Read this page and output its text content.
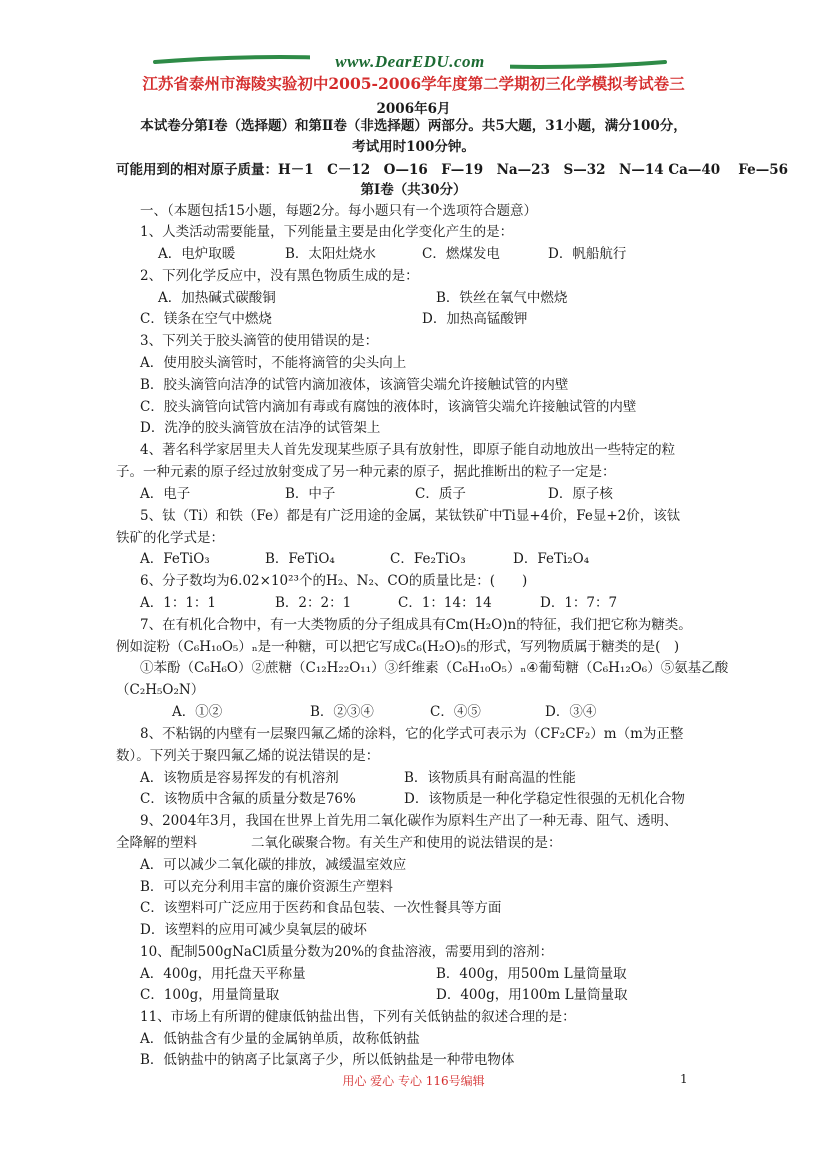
www.DearEDU.com
江苏省泰州市海陵实验初中2005-2006学年度第二学期初三化学模拟考试卷三
2006年6月
本试卷分第Ⅰ卷（选择题）和第Ⅱ卷（非选择题）两部分。共5大题，31小题，满分100分，
考试用时100分钟。
可能用到的相对原子质量：H－1　C－12　O—16　F—19　Na—23　S—32　N—14 Ca—40　 Fe—56
第Ⅰ卷（共30分）
一、（本题包括15小题，每题2分。每小题只有一个选项符合题意）
1、人类活动需要能量，下列能量主要是由化学变化产生的是：
A．电炉取暖	B．太阳灶烧水	C．燃煤发电	D．帆船航行
2、下列化学反应中，没有黑色物质生成的是：
A．加热碱式碳酸铜	B．铁丝在氧气中燃烧
C．镁条在空气中燃烧	D．加热高锰酸钾
3、下列关于胶头滴管的使用错误的是：
A．使用胶头滴管时，不能将滴管的尖头向上
B．胶头滴管向洁净的试管内滴加液体，该滴管尖端允许接触试管的内壁
C．胶头滴管向试管内滴加有毒或有腐蚀的液体时，该滴管尖端允许接触试管的内壁
D．洗净的胶头滴管放在洁净的试管架上
4、著名科学家居里夫人首先发现某些原子具有放射性，即原子能自动地放出一些特定的粒
子。一种元素的原子经过放射变成了另一种元素的原子，据此推断出的粒子一定是：
A．电子	B．中子	C．质子	D．原子核
5、钛（Ti）和铁（Fe）都是有广泛用途的金属，某钛铁矿中Ti显+4价，Fe显+2价，该钛
铁矿的化学式是：
A．FeTiO₃	B．FeTiO₄	C．Fe₂TiO₃	D．FeTi₂O₄
6、分子数均为6.02×10²³个的H₂、N₂、CO的质量比是：(　　)
A．1：1：1	B．2：2：1	C．1：14：14	D．1：7：7
7、在有机化合物中，有一大类物质的分子组成具有Cm(H₂O)n的特征，我们把它称为糖类。
例如淀粉（C₆H₁₀O₅）ₙ是一种糖，可以把它写成C₆(H₂O)₅的形式，写列物质属于糖类的是(　)
①苯酚（C₆H₆O）②蔗糖（C₁₂H₂₂O₁₁）③纤维素（C₆H₁₀O₅）ₙ④葡萄糖（C₆H₁₂O₆）⑤氨基乙酸
（C₂H₅O₂N）
A．①②	B．②③④	C．④⑤	D．③④
8、不粘锅的内壁有一层聚四氟乙烯的涂料，它的化学式可表示为（CF₂CF₂）m（m为正整
数）。下列关于聚四氟乙烯的说法错误的是：
A．该物质是容易挥发的有机溶剂	B．该物质具有耐高温的性能
C．该物质中含氟的质量分数是76%	D．该物质是一种化学稳定性很强的无机化合物
9、2004年3月，我国在世界上首先用二氧化碳作为原料生产出了一种无毒、阻气、透明、
全降解的塑料　　　　二氧化碳聚合物。有关生产和使用的说法错误的是：
A．可以减少二氧化碳的排放，减缓温室效应
B．可以充分利用丰富的廉价资源生产塑料
C．该塑料可广泛应用于医药和食品包装、一次性餐具等方面
D．该塑料的应用可减少臭氧层的破坏
10、配制500gNaCl质量分数为20%的食盐溶液，需要用到的溶剂：
A．400g，用托盘天平称量	B．400g，用500m L量筒量取
C．100g，用量筒量取	D．400g，用100m L量筒量取
11、市场上有所谓的健康低钠盐出售，下列有关低钠盐的叙述合理的是：
A．低钠盐含有少量的金属钠单质，故称低钠盐
B．低钠盐中的钠离子比氯离子少，所以低钠盐是一种带电物体
用心 爱心 专心 116号编辑	1
